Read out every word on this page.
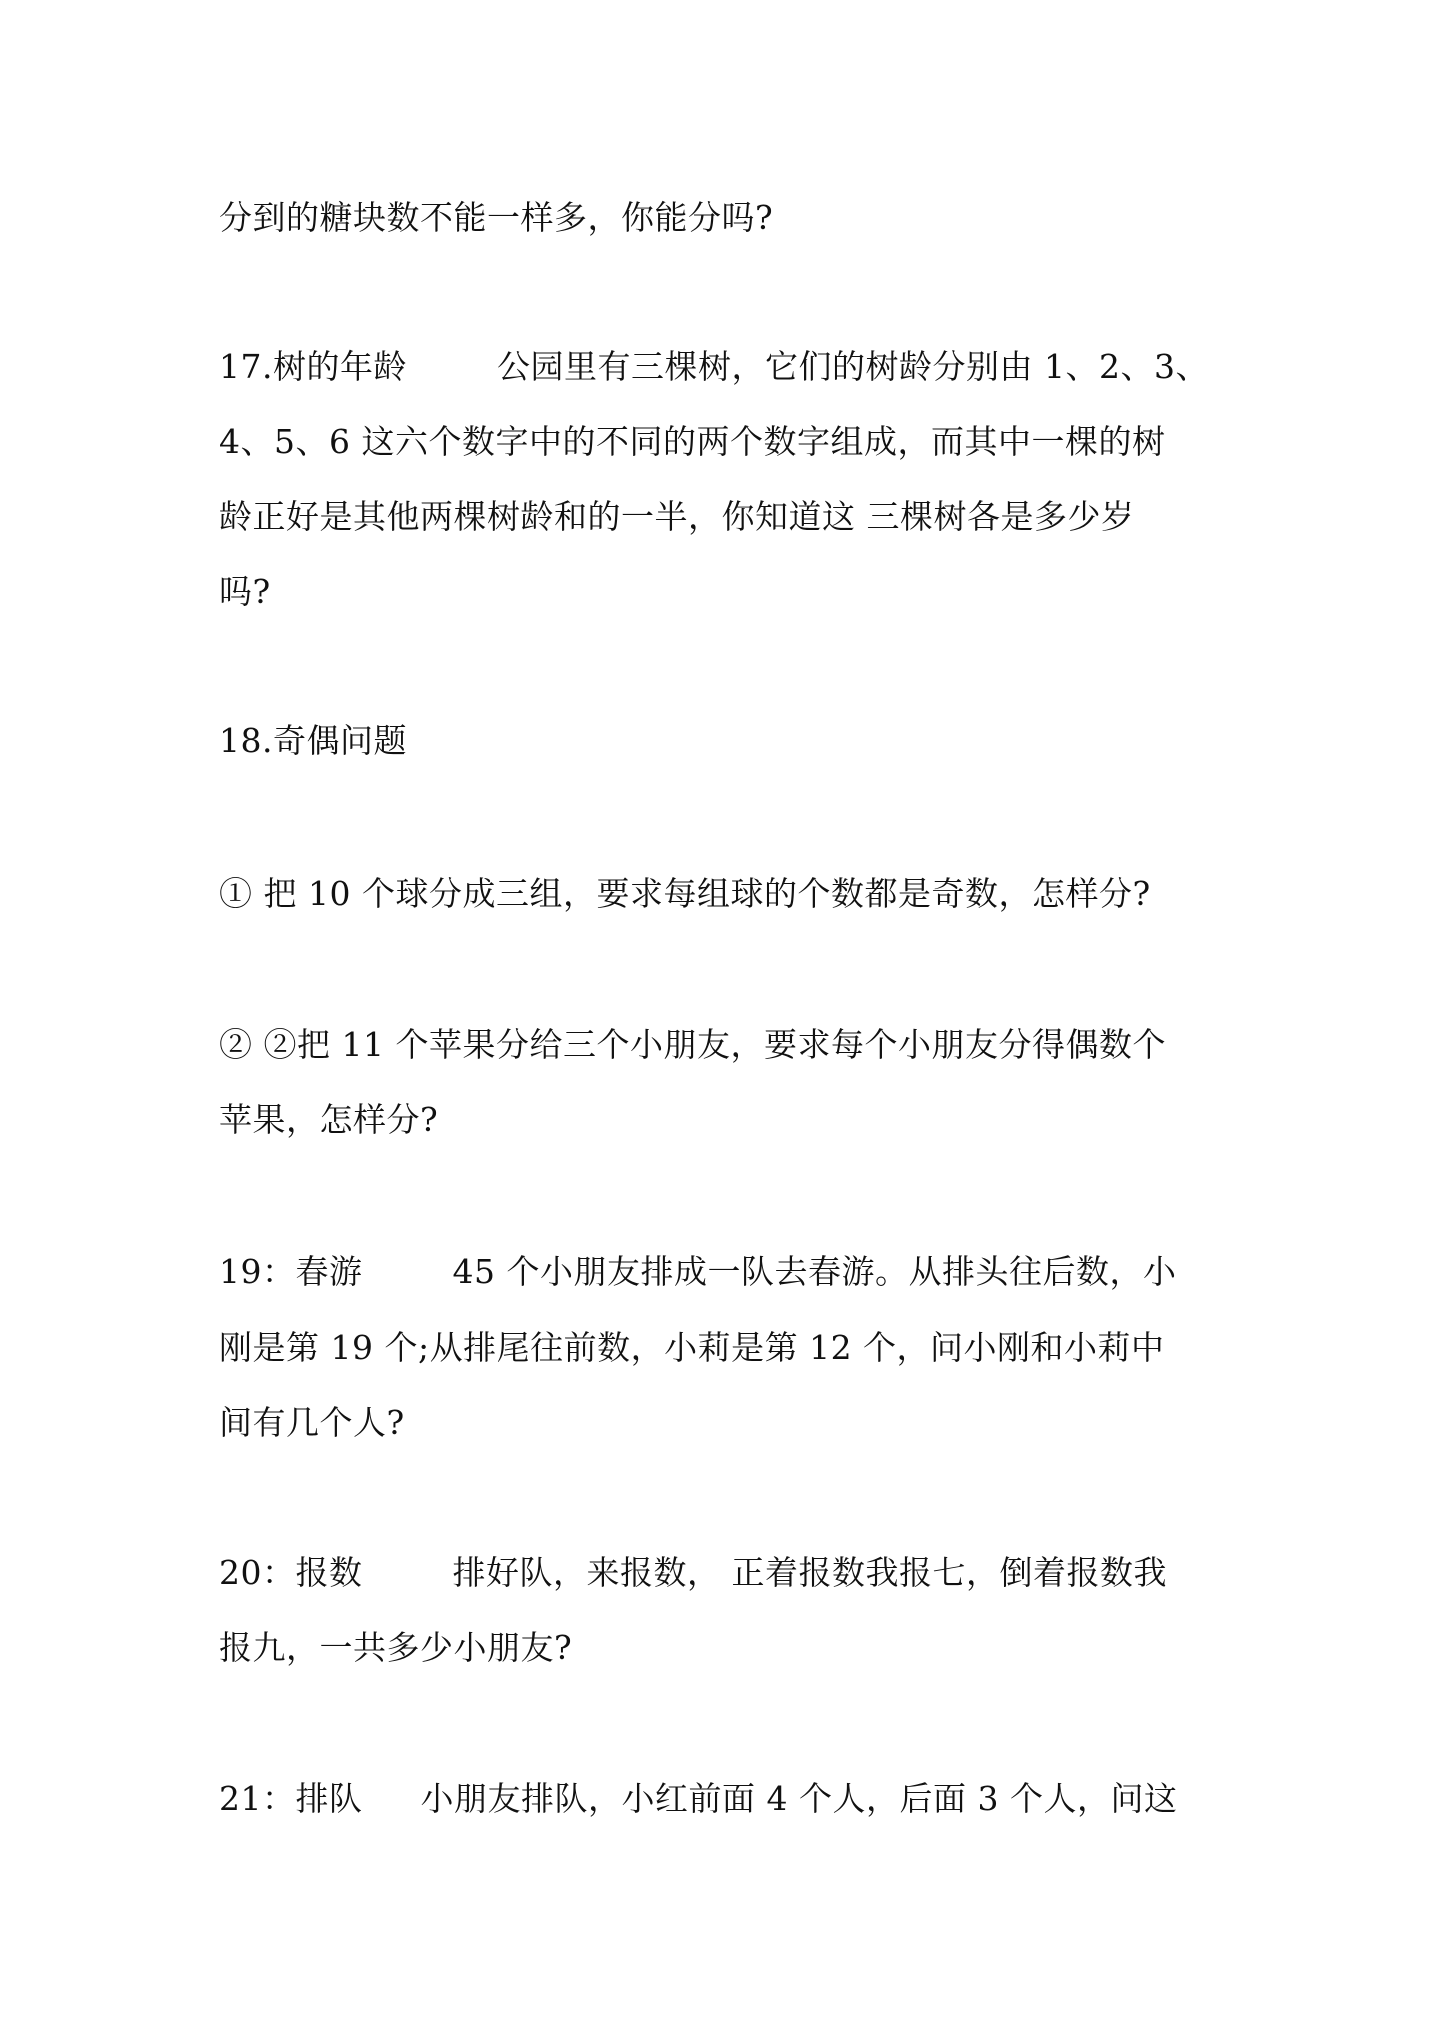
分到的糖块数不能一样多，你能分吗?
17.树的年龄	公园里有三棵树，它们的树龄分别由 1、2、3、
4、5、6 这六个数字中的不同的两个数字组成，而其中一棵的树
龄正好是其他两棵树龄和的一半，你知道这 三棵树各是多少岁
吗?
18.奇偶问题
① 把 10 个球分成三组，要求每组球的个数都是奇数，怎样分?
② ②把 11 个苹果分给三个小朋友，要求每个小朋友分得偶数个
苹果，怎样分?
19：春游	45 个小朋友排成一队去春游。从排头往后数，小
刚是第 19 个;从排尾往前数，小莉是第 12 个，问小刚和小莉中
间有几个人?
20：报数	排好队，来报数， 正着报数我报七，倒着报数我
报九，一共多少小朋友?
21：排队 小朋友排队，小红前面 4 个人，后面 3 个人，问这
